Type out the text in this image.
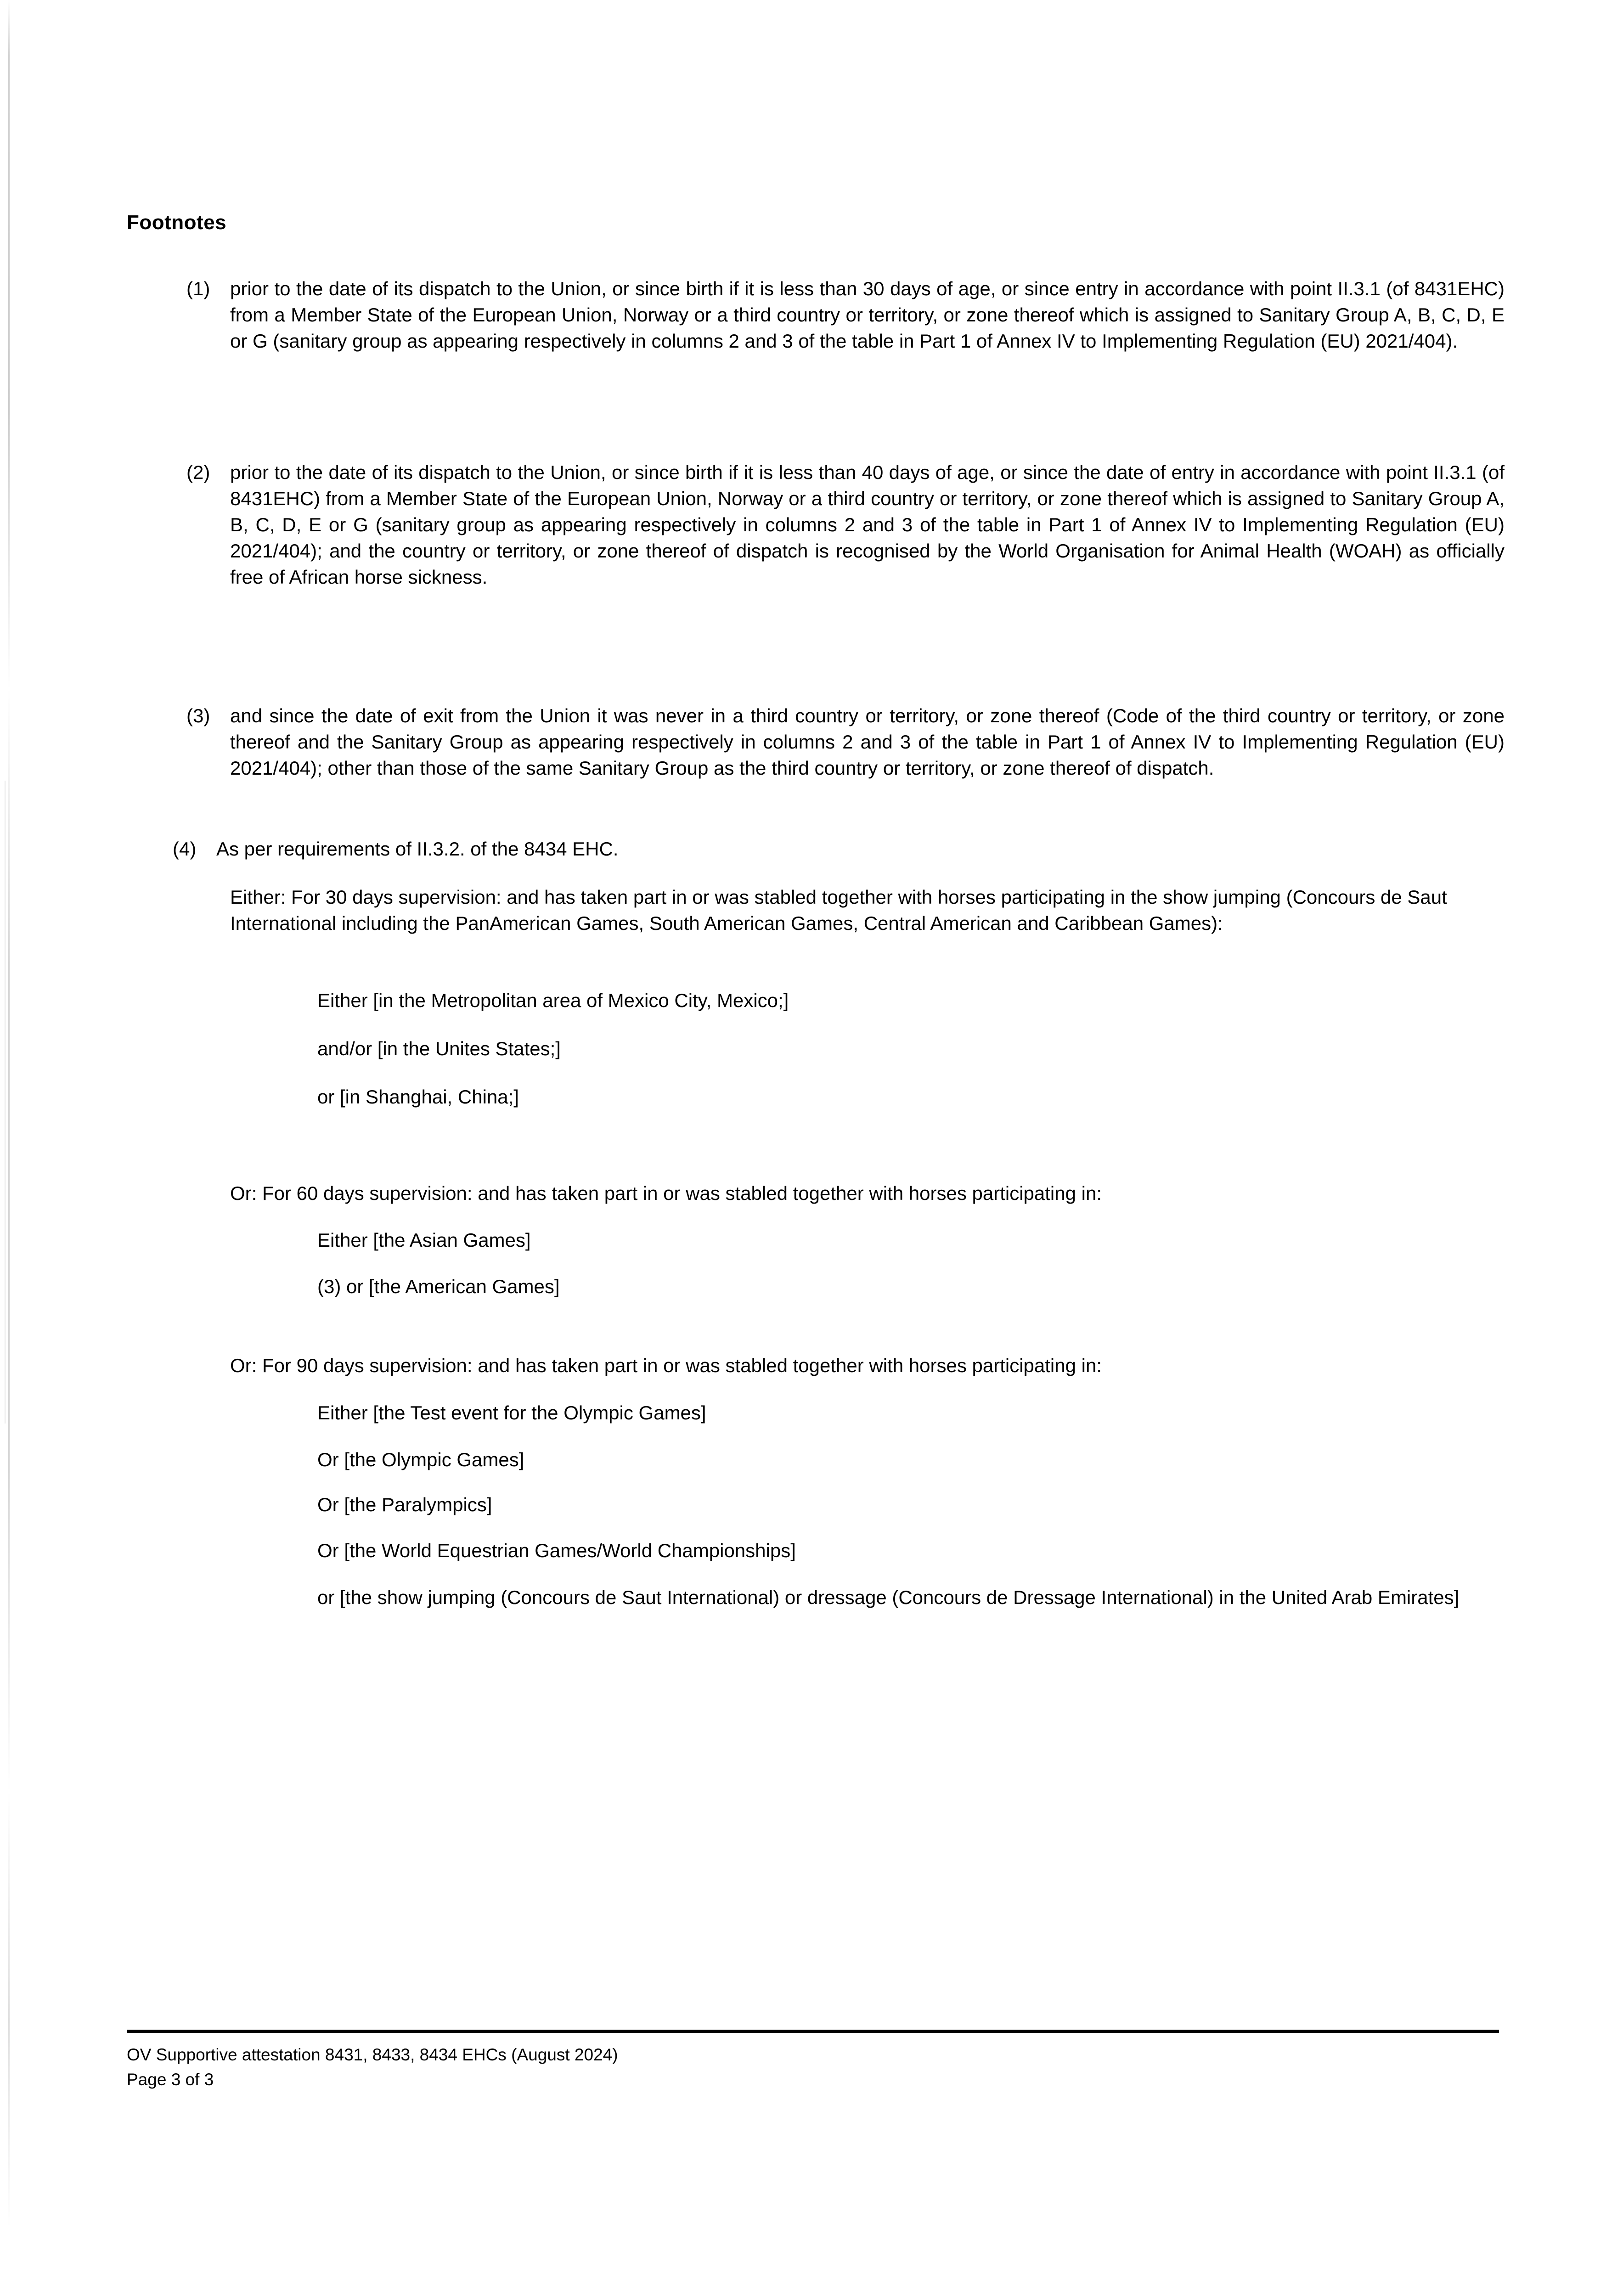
Footnotes
(1)	prior to the date of its dispatch to the Union, or since birth if it is less than 30 days of age, or since entry in accordance with point II.3.1 (of 8431EHC) from a Member State of the European Union, Norway or a third country or territory, or zone thereof which is assigned to Sanitary Group A, B, C, D, E or G (sanitary group as appearing respectively in columns 2 and 3 of the table in Part 1 of Annex IV to Implementing Regulation (EU) 2021/404).
(2)	prior to the date of its dispatch to the Union, or since birth if it is less than 40 days of age, or since the date of entry in accordance with point II.3.1 (of 8431EHC) from a Member State of the European Union, Norway or a third country or territory, or zone thereof which is assigned to Sanitary Group A, B, C, D, E or G (sanitary group as appearing respectively in columns 2 and 3 of the table in Part 1 of Annex IV to Implementing Regulation (EU) 2021/404); and the country or territory, or zone thereof of dispatch is recognised by the World Organisation for Animal Health (WOAH) as officially free of African horse sickness.
(3)	and since the date of exit from the Union it was never in a third country or territory, or zone thereof (Code of the third country or territory, or zone thereof and the Sanitary Group as appearing respectively in columns 2 and 3 of the table in Part 1 of Annex IV to Implementing Regulation (EU) 2021/404); other than those of the same Sanitary Group as the third country or territory, or zone thereof of dispatch.
(4)	As per requirements of II.3.2. of the 8434 EHC.
Either: For 30 days supervision: and has taken part in or was stabled together with horses participating in the show jumping (Concours de Saut International including the PanAmerican Games, South American Games, Central American and Caribbean Games):
Either [in the Metropolitan area of Mexico City, Mexico;]
and/or [in the Unites States;]
or [in Shanghai, China;]
Or: For 60 days supervision: and has taken part in or was stabled together with horses participating in:
Either [the Asian Games]
(3) or [the American Games]
Or: For 90 days supervision: and has taken part in or was stabled together with horses participating in:
Either [the Test event for the Olympic Games]
Or [the Olympic Games]
Or [the Paralympics]
Or [the World Equestrian Games/World Championships]
or [the show jumping (Concours de Saut International) or dressage (Concours de Dressage International) in the United Arab Emirates]
OV Supportive attestation 8431, 8433, 8434 EHCs (August 2024)
Page 3 of 3
